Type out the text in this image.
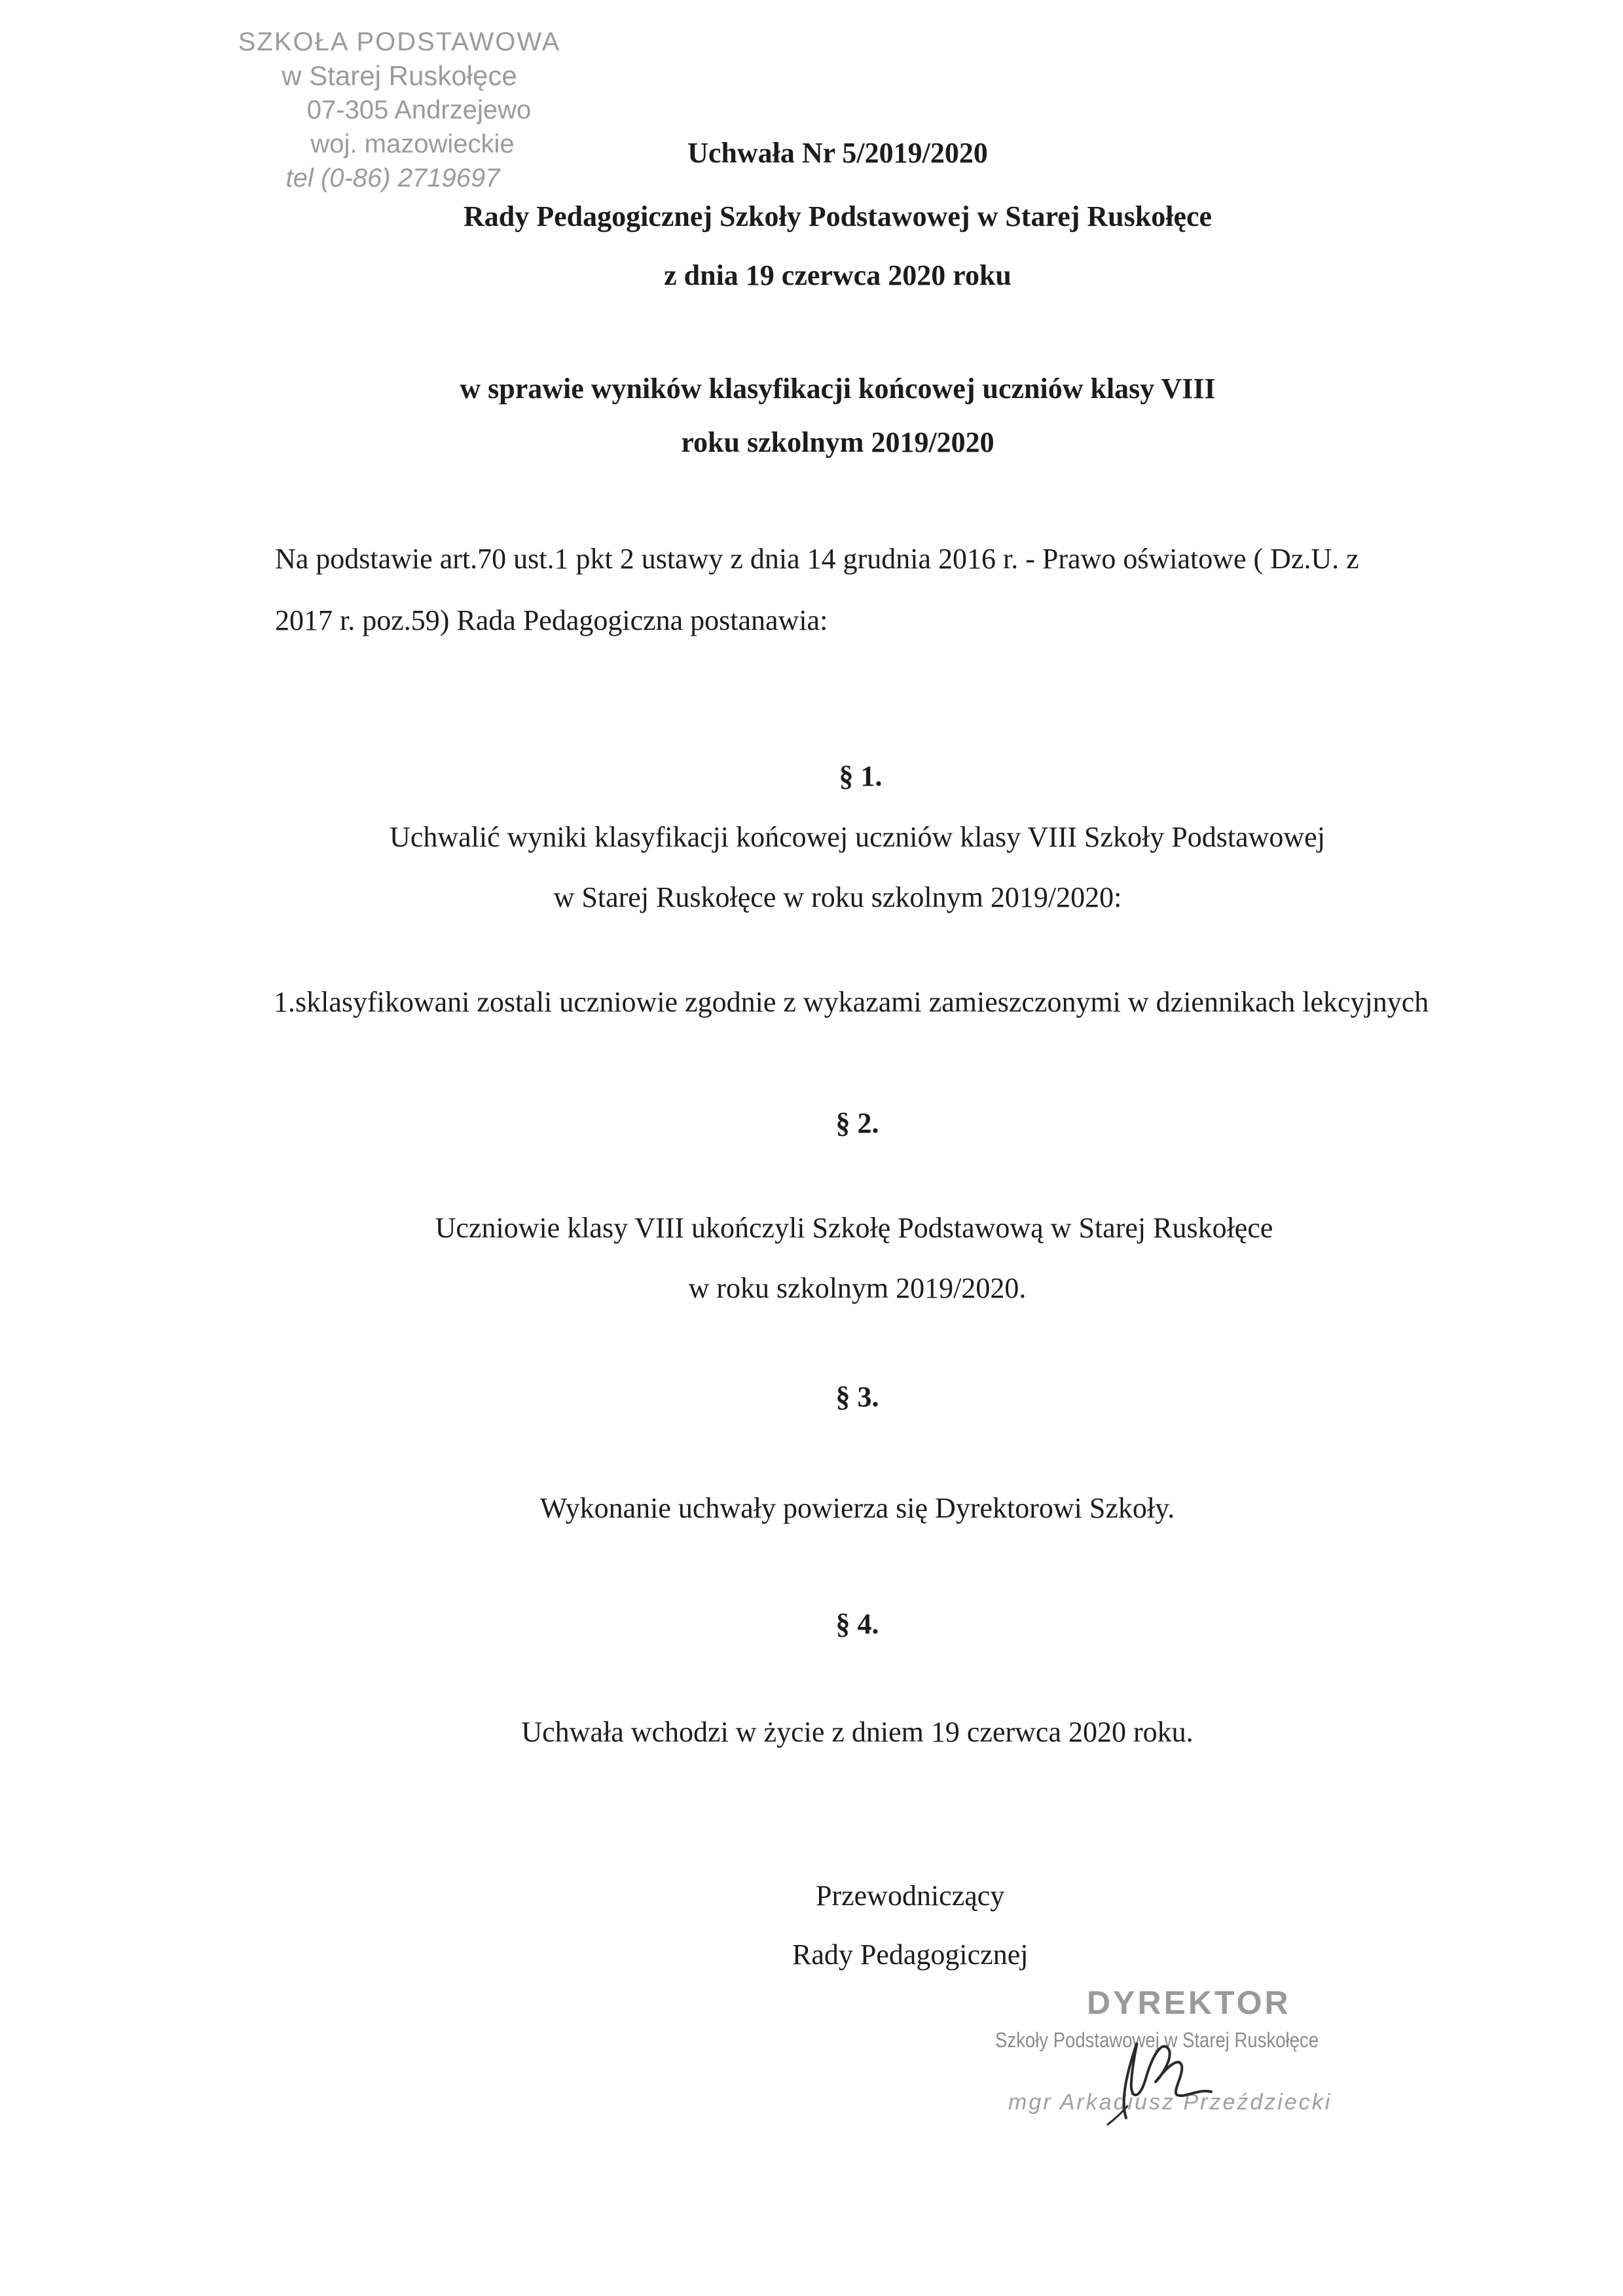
SZKOŁA PODSTAWOWA
w Starej Ruskołęce
07-305 Andrzejewo
woj. mazowieckie
tel (0-86) 2719697
Uchwała Nr 5/2019/2020
Rady Pedagogicznej Szkoły Podstawowej w Starej Ruskołęce
z dnia 19 czerwca 2020 roku
w sprawie wyników klasyfikacji końcowej uczniów klasy VIII
roku szkolnym 2019/2020
Na podstawie art.70 ust.1 pkt 2 ustawy z dnia 14 grudnia 2016 r. - Prawo oświatowe ( Dz.U. z
2017 r. poz.59) Rada Pedagogiczna postanawia:
§ 1.
Uchwalić wyniki klasyfikacji końcowej uczniów klasy VIII Szkoły Podstawowej
w Starej Ruskołęce w roku szkolnym 2019/2020:
1.sklasyfikowani zostali uczniowie zgodnie z wykazami zamieszczonymi w dziennikach lekcyjnych
§ 2.
Uczniowie klasy VIII ukończyli Szkołę Podstawową w Starej Ruskołęce
w roku szkolnym 2019/2020.
§ 3.
Wykonanie uchwały powierza się Dyrektorowi Szkoły.
§ 4.
Uchwała wchodzi w życie z dniem 19 czerwca 2020 roku.
Przewodniczący
Rady Pedagogicznej
DYREKTOR
Szkoły Podstawowej w Starej Ruskołęce
mgr Arkadiusz Przeździecki
